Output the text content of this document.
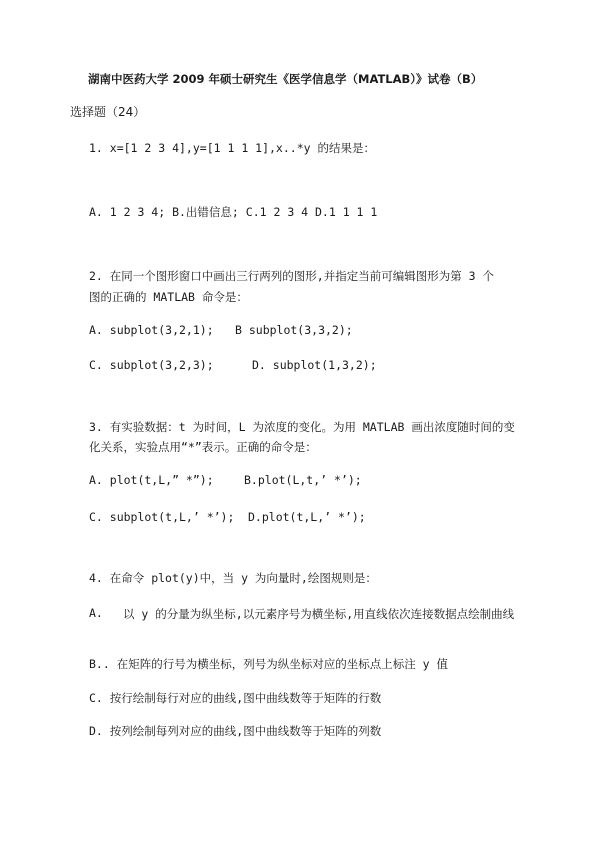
湖南中医药大学 2009 年硕士研究生《医学信息学（MATLAB）》试卷（B）
选择题（24）
1. x=[1 2 3 4],y=[1 1 1 1],x..*y 的结果是：
A. 1 2 3 4; B.出错信息; C.1 2 3 4 D.1 1 1 1
2. 在同一个图形窗口中画出三行两列的图形,并指定当前可编辑图形为第 3 个
图的正确的 MATLAB 命令是：
A. subplot(3,2,1); B subplot(3,3,2);
C. subplot(3,2,3);	D. subplot(1,3,2);
3. 有实验数据：t 为时间，L 为浓度的变化。为用 MATLAB 画出浓度随时间的变
化关系，实验点用“*”表示。正确的命令是：
A. plot(t,L,” *”);	B.plot(L,t,’ *’);
C. subplot(t,L,’ *’); D.plot(t,L,’ *’);
4. 在命令 plot(y)中，当 y 为向量时,绘图规则是：
A.	以 y 的分量为纵坐标,以元素序号为横坐标,用直线依次连接数据点绘制曲线
B.. 在矩阵的行号为横坐标，列号为纵坐标对应的坐标点上标注 y 值
C. 按行绘制每行对应的曲线,图中曲线数等于矩阵的行数
D. 按列绘制每列对应的曲线,图中曲线数等于矩阵的列数
